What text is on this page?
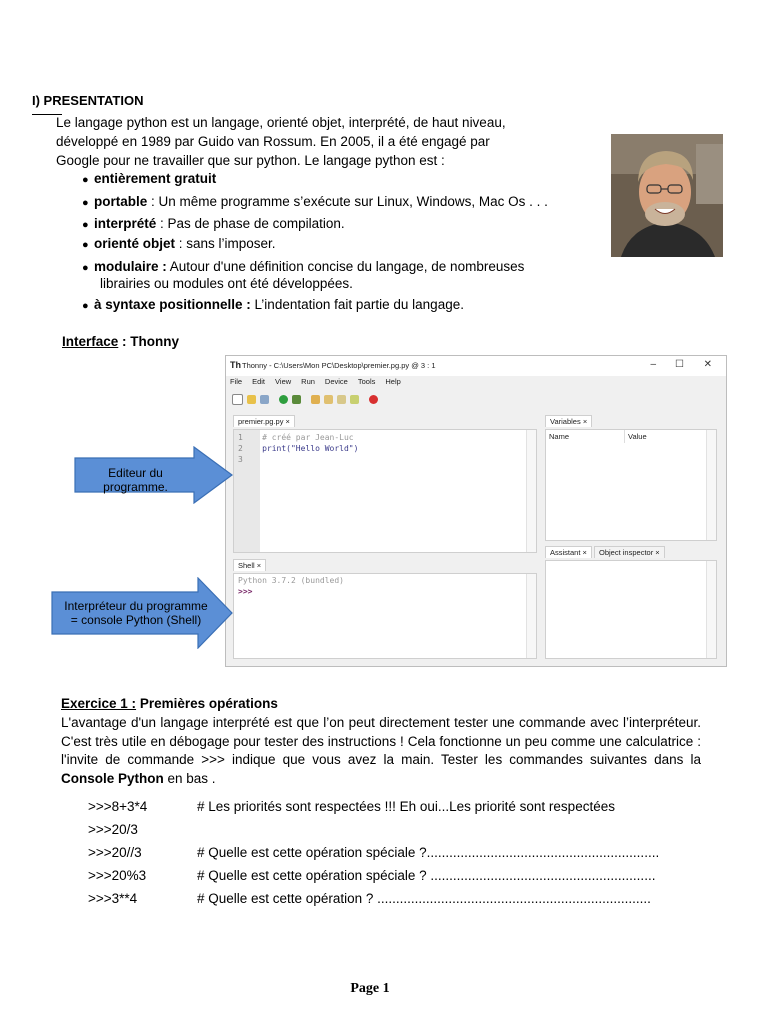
I) PRESENTATION
Le langage python est un langage, orienté objet, interprété, de haut niveau,
développé en 1989 par Guido van Rossum. En 2005, il a été engagé par
Google pour ne travailler que sur python. Le langage python est :
● entièrement gratuit
● portable : Un même programme s’exécute sur Linux, Windows, Mac Os . . .
● interprété : Pas de phase de compilation.
● orienté objet : sans l’imposer.
● modulaire : Autour d'une définition concise du langage, de nombreuses
librairies ou modules ont été développées.
● à syntaxe positionnelle : L’indentation fait partie du langage.
Interface : Thonny
Th Thonny - C:\Users\Mon PC\Desktop\premier.pg.py @ 3 : 1	– ☐ ✕
File Edit View Run Device Tools Help
premier.pg.py ×
1 # créé par Jean-Luc
2 print("Hello World")
3
Variables ×
Name	Value
Shell ×
Python 3.7.2 (bundled)
>>>
Assistant ×	Object inspector ×
Editeur du programme.
Interpréteur du programme
= console Python (Shell)
Exercice 1 : Premières opérations
L'avantage d'un langage interprété est que l’on peut directement tester une commande avec l’interpréteur. C'est très utile en débogage pour tester des instructions ! Cela fonctionne un peu comme une calculatrice : l'invite de commande >>> indique que vous avez la main. Tester les commandes suivantes dans la Console Python en bas .
>>>8+3*4	# Les priorités sont respectées !!! Eh oui...Les priorité sont respectées
>>>20/3
>>>20//3	# Quelle est cette opération spéciale ?..............................................................
>>>20%3	# Quelle est cette opération spéciale ? ............................................................
>>>3**4	# Quelle est cette opération ? .........................................................................
Page 1
